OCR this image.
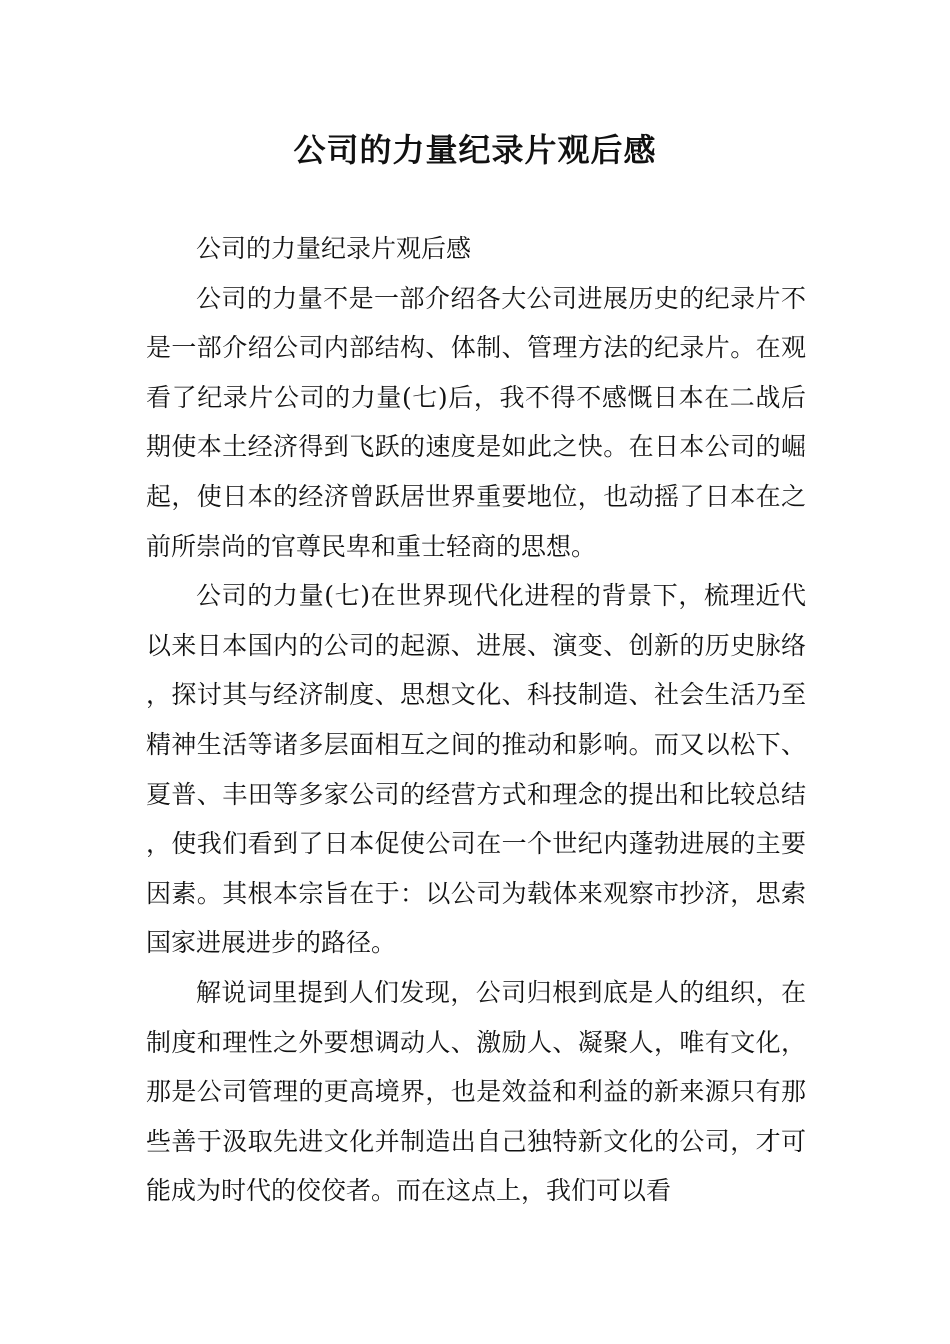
公司的力量纪录片观后感

公司的力量纪录片观后感

公司的力量不是一部介绍各大公司进展历史的纪录片不是一部介绍公司内部结构、体制、管理方法的纪录片。在观看了纪录片公司的力量(七)后，我不得不感慨日本在二战后期使本土经济得到飞跃的速度是如此之快。在日本公司的崛起，使日本的经济曾跃居世界重要地位，也动摇了日本在之前所崇尚的官尊民卑和重士轻商的思想。

公司的力量(七)在世界现代化进程的背景下，梳理近代以来日本国内的公司的起源、进展、演变、创新的历史脉络，探讨其与经济制度、思想文化、科技制造、社会生活乃至精神生活等诸多层面相互之间的推动和影响。而又以松下、夏普、丰田等多家公司的经营方式和理念的提出和比较总结，使我们看到了日本促使公司在一个世纪内蓬勃进展的主要因素。其根本宗旨在于：以公司为载体来观察市抄济，思索国家进展进步的路径。

解说词里提到人们发现，公司归根到底是人的组织，在制度和理性之外要想调动人、激励人、凝聚人，唯有文化，那是公司管理的更高境界，也是效益和利益的新来源只有那些善于汲取先进文化并制造出自己独特新文化的公司，才可能成为时代的佼佼者。而在这点上，我们可以看
